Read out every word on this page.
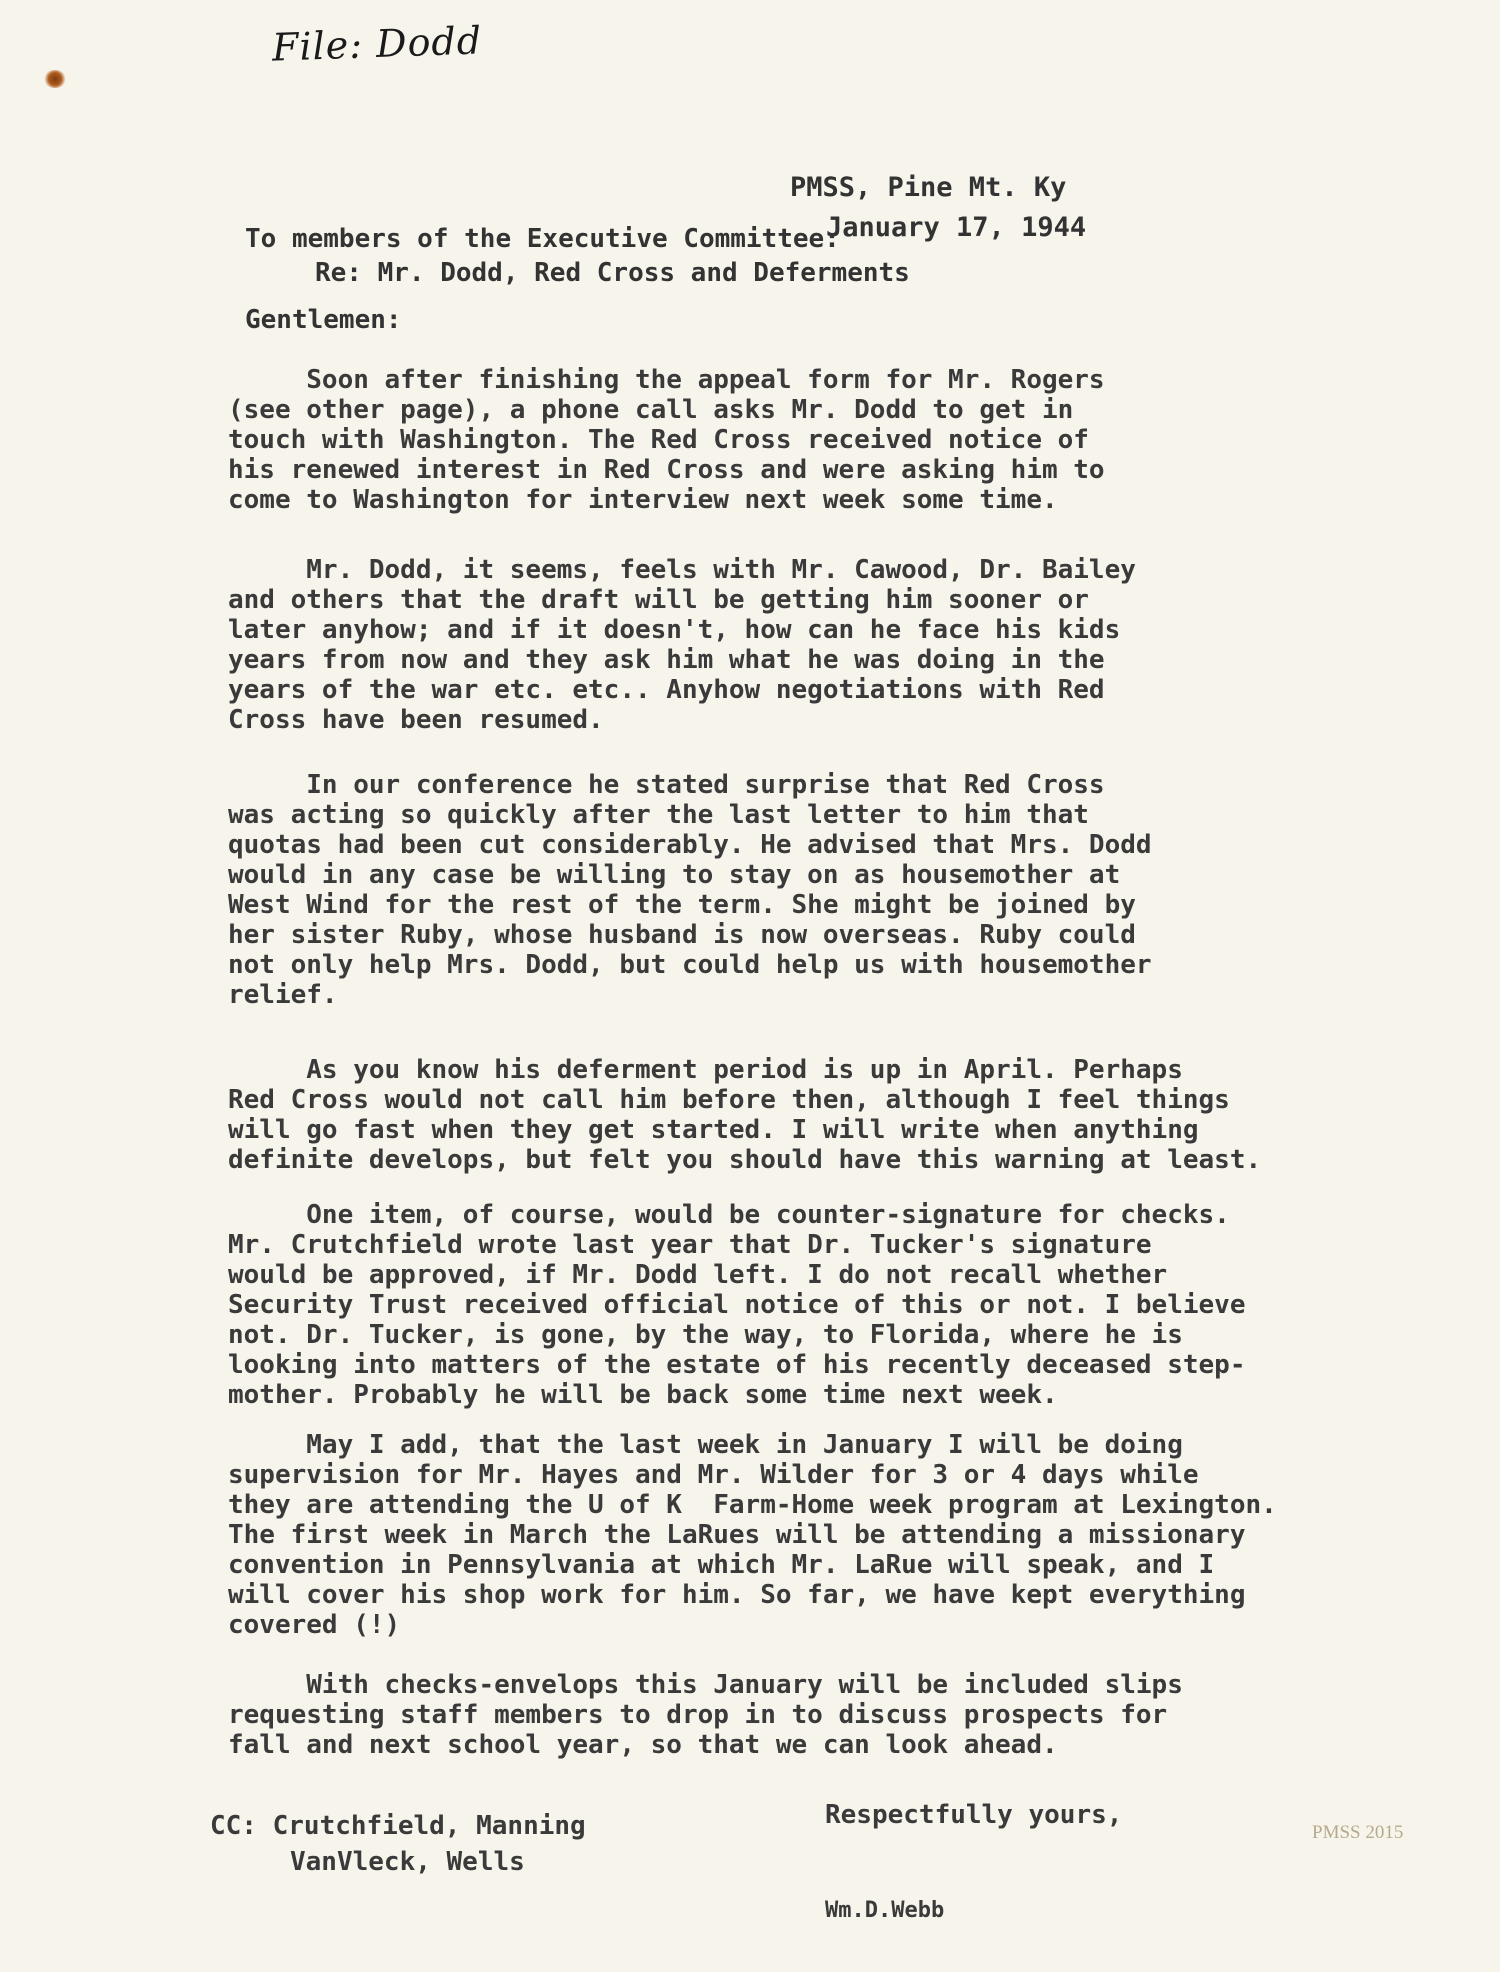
File: Dodd
PMSS, Pine Mt. Ky
January 17, 1944
To members of the Executive Committee:
Re: Mr. Dodd, Red Cross and Deferments
Gentlemen:
Soon after finishing the appeal form for Mr. Rogers
(see other page), a phone call asks Mr. Dodd to get in
touch with Washington. The Red Cross received notice of
his renewed interest in Red Cross and were asking him to
come to Washington for interview next week some time.
Mr. Dodd, it seems, feels with Mr. Cawood, Dr. Bailey
and others that the draft will be getting him sooner or
later anyhow; and if it doesn't, how can he face his kids
years from now and they ask him what he was doing in the
years of the war etc. etc.. Anyhow negotiations with Red
Cross have been resumed.
In our conference he stated surprise that Red Cross
was acting so quickly after the last letter to him that
quotas had been cut considerably. He advised that Mrs. Dodd
would in any case be willing to stay on as housemother at
West Wind for the rest of the term. She might be joined by
her sister Ruby, whose husband is now overseas. Ruby could
not only help Mrs. Dodd, but could help us with housemother
relief.
As you know his deferment period is up in April. Perhaps
Red Cross would not call him before then, although I feel things
will go fast when they get started. I will write when anything
definite develops, but felt you should have this warning at least.
One item, of course, would be counter-signature for checks.
Mr. Crutchfield wrote last year that Dr. Tucker's signature
would be approved, if Mr. Dodd left. I do not recall whether
Security Trust received official notice of this or not. I believe
not. Dr. Tucker, is gone, by the way, to Florida, where he is
looking into matters of the estate of his recently deceased step-
mother. Probably he will be back some time next week.
May I add, that the last week in January I will be doing
supervision for Mr. Hayes and Mr. Wilder for 3 or 4 days while
they are attending the U of K  Farm-Home week program at Lexington.
The first week in March the LaRues will be attending a missionary
convention in Pennsylvania at which Mr. LaRue will speak, and I
will cover his shop work for him. So far, we have kept everything
covered (!)
With checks-envelops this January will be included slips
requesting staff members to drop in to discuss prospects for
fall and next school year, so that we can look ahead.
CC: Crutchfield, Manning
VanVleck, Wells
Respectfully yours,
Wm.D.Webb
PMSS 2015
